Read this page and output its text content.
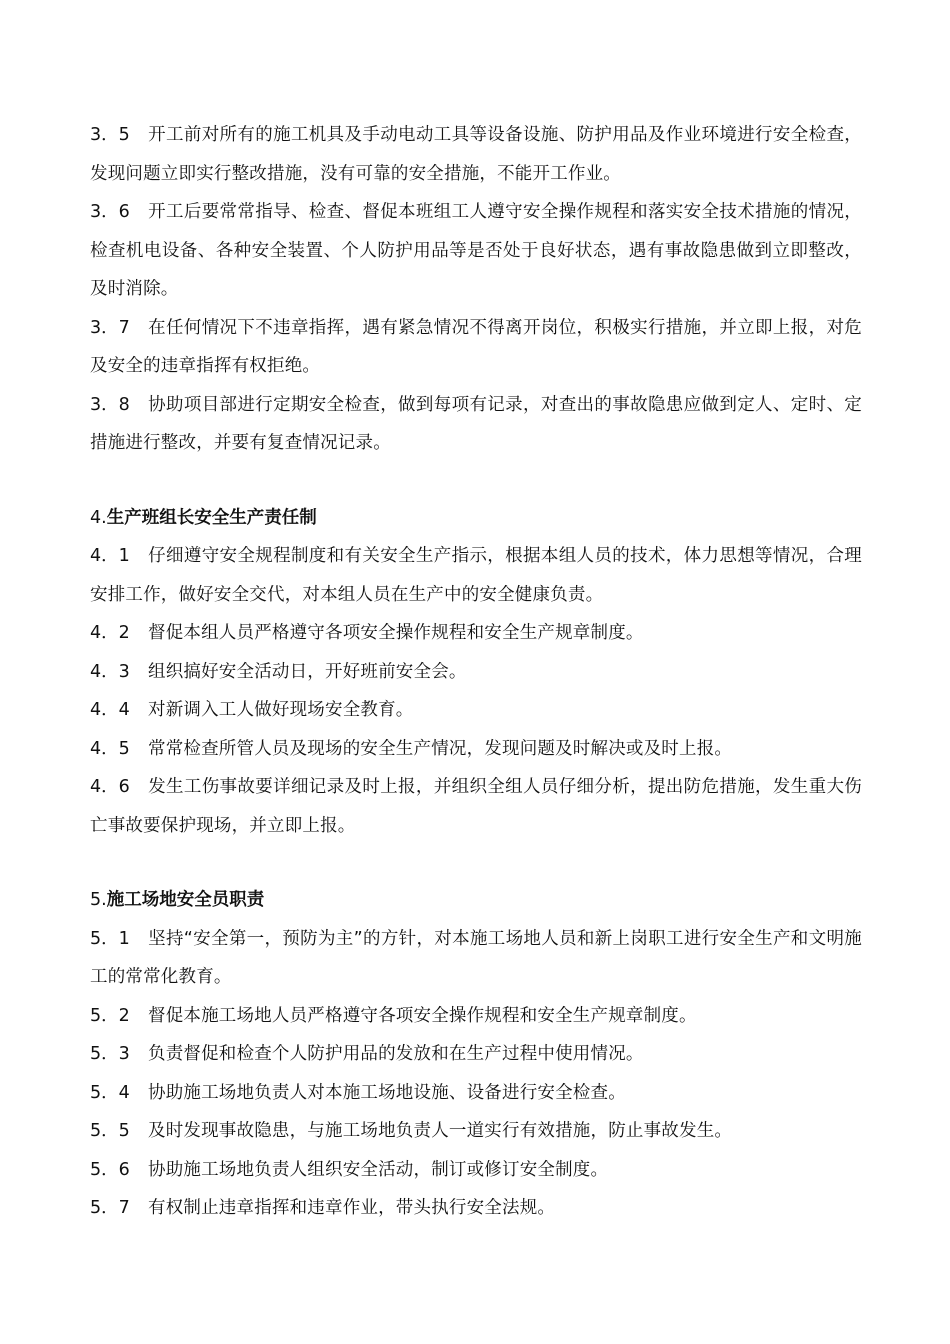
3．5 开工前对所有的施工机具及手动电动工具等设备设施、防护用品及作业环境进行安全检查，发现问题立即实行整改措施，没有可靠的安全措施，不能开工作业。

3．6 开工后要常常指导、检查、督促本班组工人遵守安全操作规程和落实安全技术措施的情况，检查机电设备、各种安全装置、个人防护用品等是否处于良好状态，遇有事故隐患做到立即整改，及时消除。

3．7 在任何情况下不违章指挥，遇有紧急情况不得离开岗位，积极实行措施，并立即上报，对危及安全的违章指挥有权拒绝。

3．8 协助项目部进行定期安全检查，做到每项有记录，对查出的事故隐患应做到定人、定时、定措施进行整改，并要有复查情况记录。

4.生产班组长安全生产责任制

4．1 仔细遵守安全规程制度和有关安全生产指示，根据本组人员的技术，体力思想等情况，合理安排工作，做好安全交代，对本组人员在生产中的安全健康负责。

4．2 督促本组人员严格遵守各项安全操作规程和安全生产规章制度。

4．3 组织搞好安全活动日，开好班前安全会。

4．4 对新调入工人做好现场安全教育。

4．5 常常检查所管人员及现场的安全生产情况，发现问题及时解决或及时上报。

4．6 发生工伤事故要详细记录及时上报，并组织全组人员仔细分析，提出防危措施，发生重大伤亡事故要保护现场，并立即上报。

5.施工场地安全员职责

5．1 坚持“安全第一，预防为主”的方针，对本施工场地人员和新上岗职工进行安全生产和文明施工的常常化教育。

5．2 督促本施工场地人员严格遵守各项安全操作规程和安全生产规章制度。

5．3 负责督促和检查个人防护用品的发放和在生产过程中使用情况。

5．4 协助施工场地负责人对本施工场地设施、设备进行安全检查。

5．5 及时发现事故隐患，与施工场地负责人一道实行有效措施，防止事故发生。

5．6 协助施工场地负责人组织安全活动，制订或修订安全制度。

5．7 有权制止违章指挥和违章作业，带头执行安全法规。
